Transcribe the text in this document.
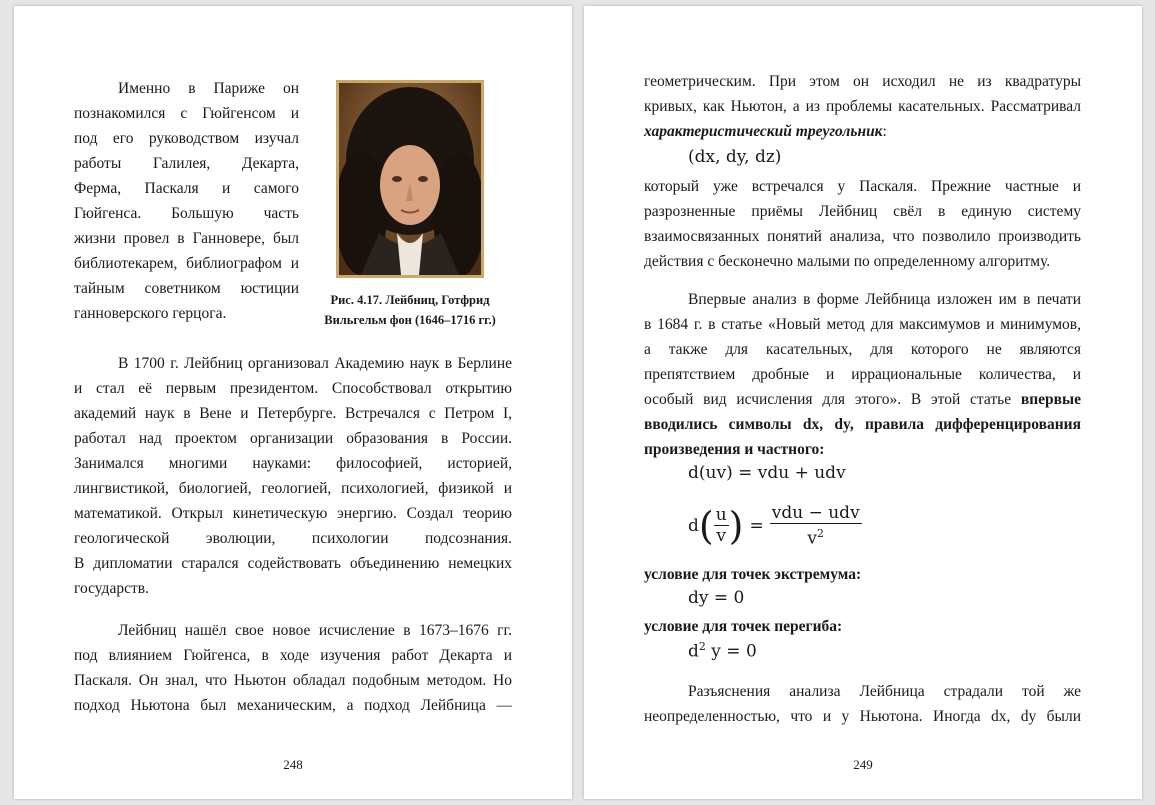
Именно в Париже он

познакомился с Гюйгенсом и

под его руководством изучал

работы Галилея, Декарта,

Ферма, Паскаля и самого

Гюйгенса. Большую часть

жизни провел в Ганновере, был

библиотекарем, библиографом и

тайным советником юстиции

ганноверского герцога.

Рис. 4.17. Лейбниц, Готфрид
Вильгельм фон (1646–1716 гг.)

В 1700 г. Лейбниц организовал Академию наук в Берлине

и стал её первым президентом. Способствовал открытию

академий наук в Вене и Петербурге. Встречался с Петром I,

работал над проектом организации образования в России.

Занимался многими науками: философией, историей,

лингвистикой, биологией, геологией, психологией, физикой и

математикой. Открыл кинетическую энергию. Создал теорию

геологической эволюции, психологии подсознания.

В дипломатии старался содействовать объединению немецких

государств.

Лейбниц нашёл свое новое исчисление в 1673–1676 гг.

под влиянием Гюйгенса, в ходе изучения работ Декарта и

Паскаля. Он знал, что Ньютон обладал подобным методом. Но

подход Ньютона был механическим, а подход Лейбница —

248

геометрическим. При этом он исходил не из квадратуры

кривых, как Ньютон, а из проблемы касательных. Рассматривал

характеристический треугольник:

(dx, dy, dz)

который уже встречался у Паскаля. Прежние частные и

разрозненные приёмы Лейбниц свёл в единую систему

взаимосвязанных понятий анализа, что позволило производить

действия с бесконечно малыми по определенному алгоритму.

Впервые анализ в форме Лейбница изложен им в печати

в 1684 г. в статье «Новый метод для максимумов и минимумов,

а также для касательных, для которого не являются

препятствием дробные и иррациональные количества, и

особый вид исчисления для этого». В этой статье впервые

вводились символы dx, dy, правила дифференцирования

произведения и частного:

d(uv) = vdu + udv
d ( $\frac{u}{v}$ ) = $\frac{\text{vdu − udv}}{v^2}$

условие для точек экстремума:

dy = 0

условие для точек перегиба:

$d^2$ y = 0

Разъяснения анализа Лейбница страдали той же

неопределенностью, что и у Ньютона. Иногда dx, dy были

249
